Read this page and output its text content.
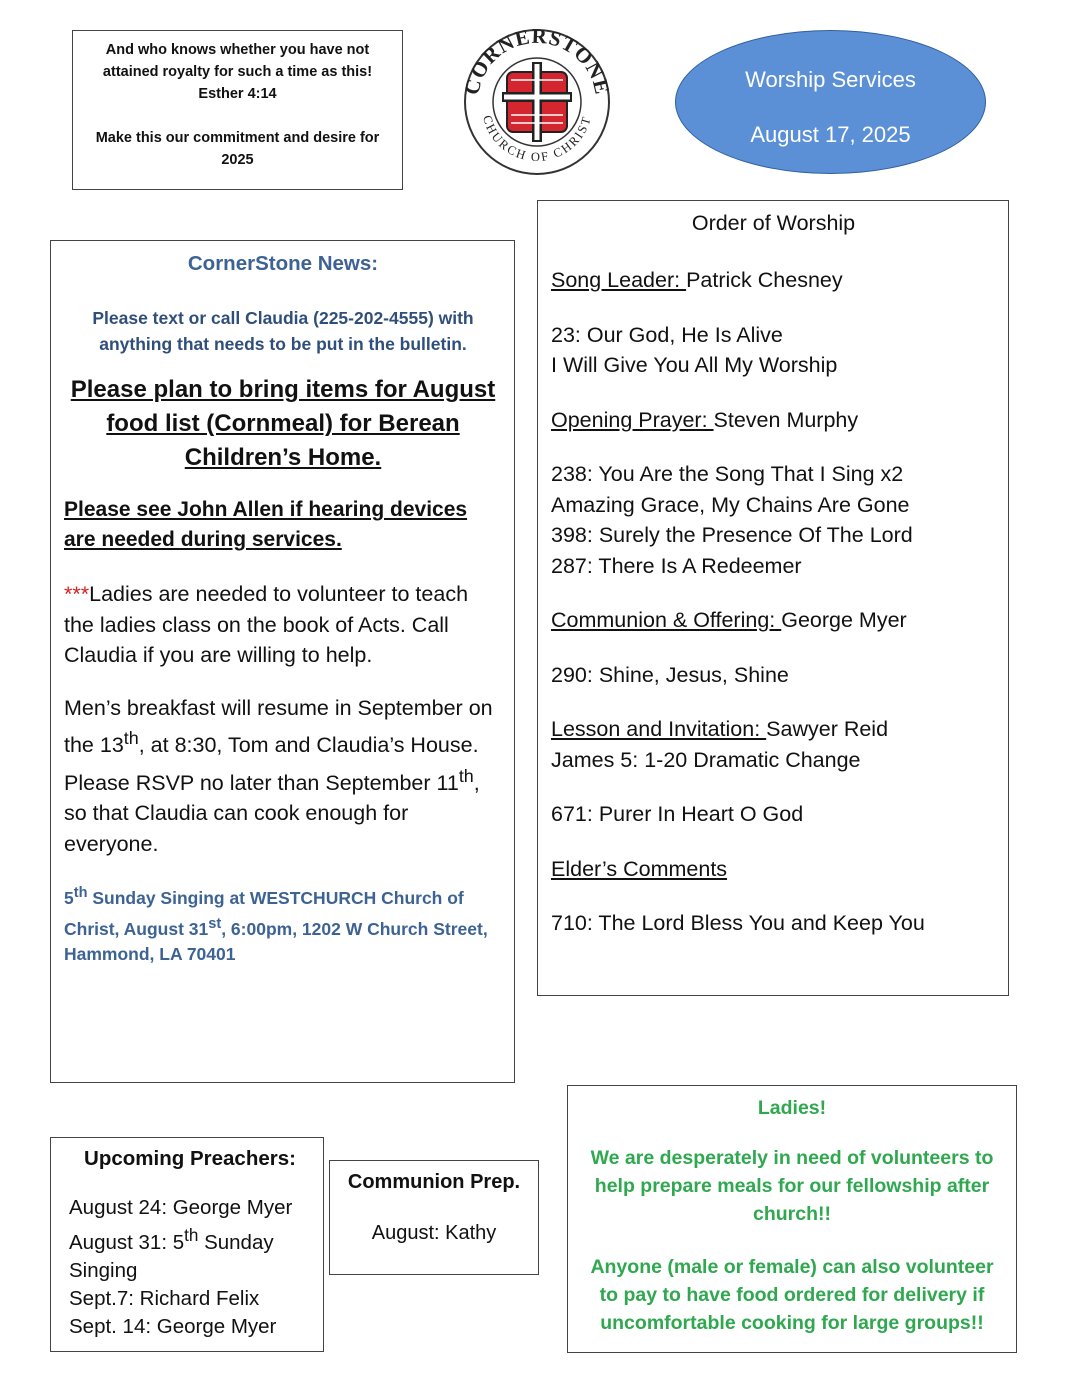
And who knows whether you have not attained royalty for such a time as this!

Esther 4:14

Make this our commitment and desire for 2025

CORNERSTONE
CHURCH OF CHRIST
Worship Services
August 17, 2025
Order of Worship

Song Leader: Patrick Chesney

23: Our God, He Is Alive
I Will Give You All My Worship

Opening Prayer: Steven Murphy

238: You Are the Song That I Sing x2
Amazing Grace, My Chains Are Gone
398: Surely the Presence Of The Lord
287: There Is A Redeemer

Communion & Offering: George Myer

290: Shine, Jesus, Shine

Lesson and Invitation: Sawyer Reid
James 5: 1-20 Dramatic Change

671: Purer In Heart O God

Elder’s Comments

710: The Lord Bless You and Keep You

CornerStone News:
Please text or call Claudia (225-202-4555) with anything that needs to be put in the bulletin.
Please plan to bring items for August food list (Cornmeal) for Berean Children’s Home.
Please see John Allen if hearing devices are needed during services.
***Ladies are needed to volunteer to teach the ladies class on the book of Acts. Call Claudia if you are willing to help.
Men’s breakfast will resume in September on the 13th, at 8:30, Tom and Claudia’s House. Please RSVP no later than September 11th, so that Claudia can cook enough for everyone.
5th Sunday Singing at WESTCHURCH Church of Christ, August 31st, 6:00pm, 1202 W Church Street, Hammond, LA 70401
Upcoming Preachers:
August 24: George Myer
August 31: 5th Sunday Singing
Sept.7: Richard Felix
Sept. 14: George Myer
Communion Prep.
August: Kathy
Ladies!

We are desperately in need of volunteers to help prepare meals for our fellowship after church!!

Anyone (male or female) can also volunteer to pay to have food ordered for delivery if uncomfortable cooking for large groups!!
